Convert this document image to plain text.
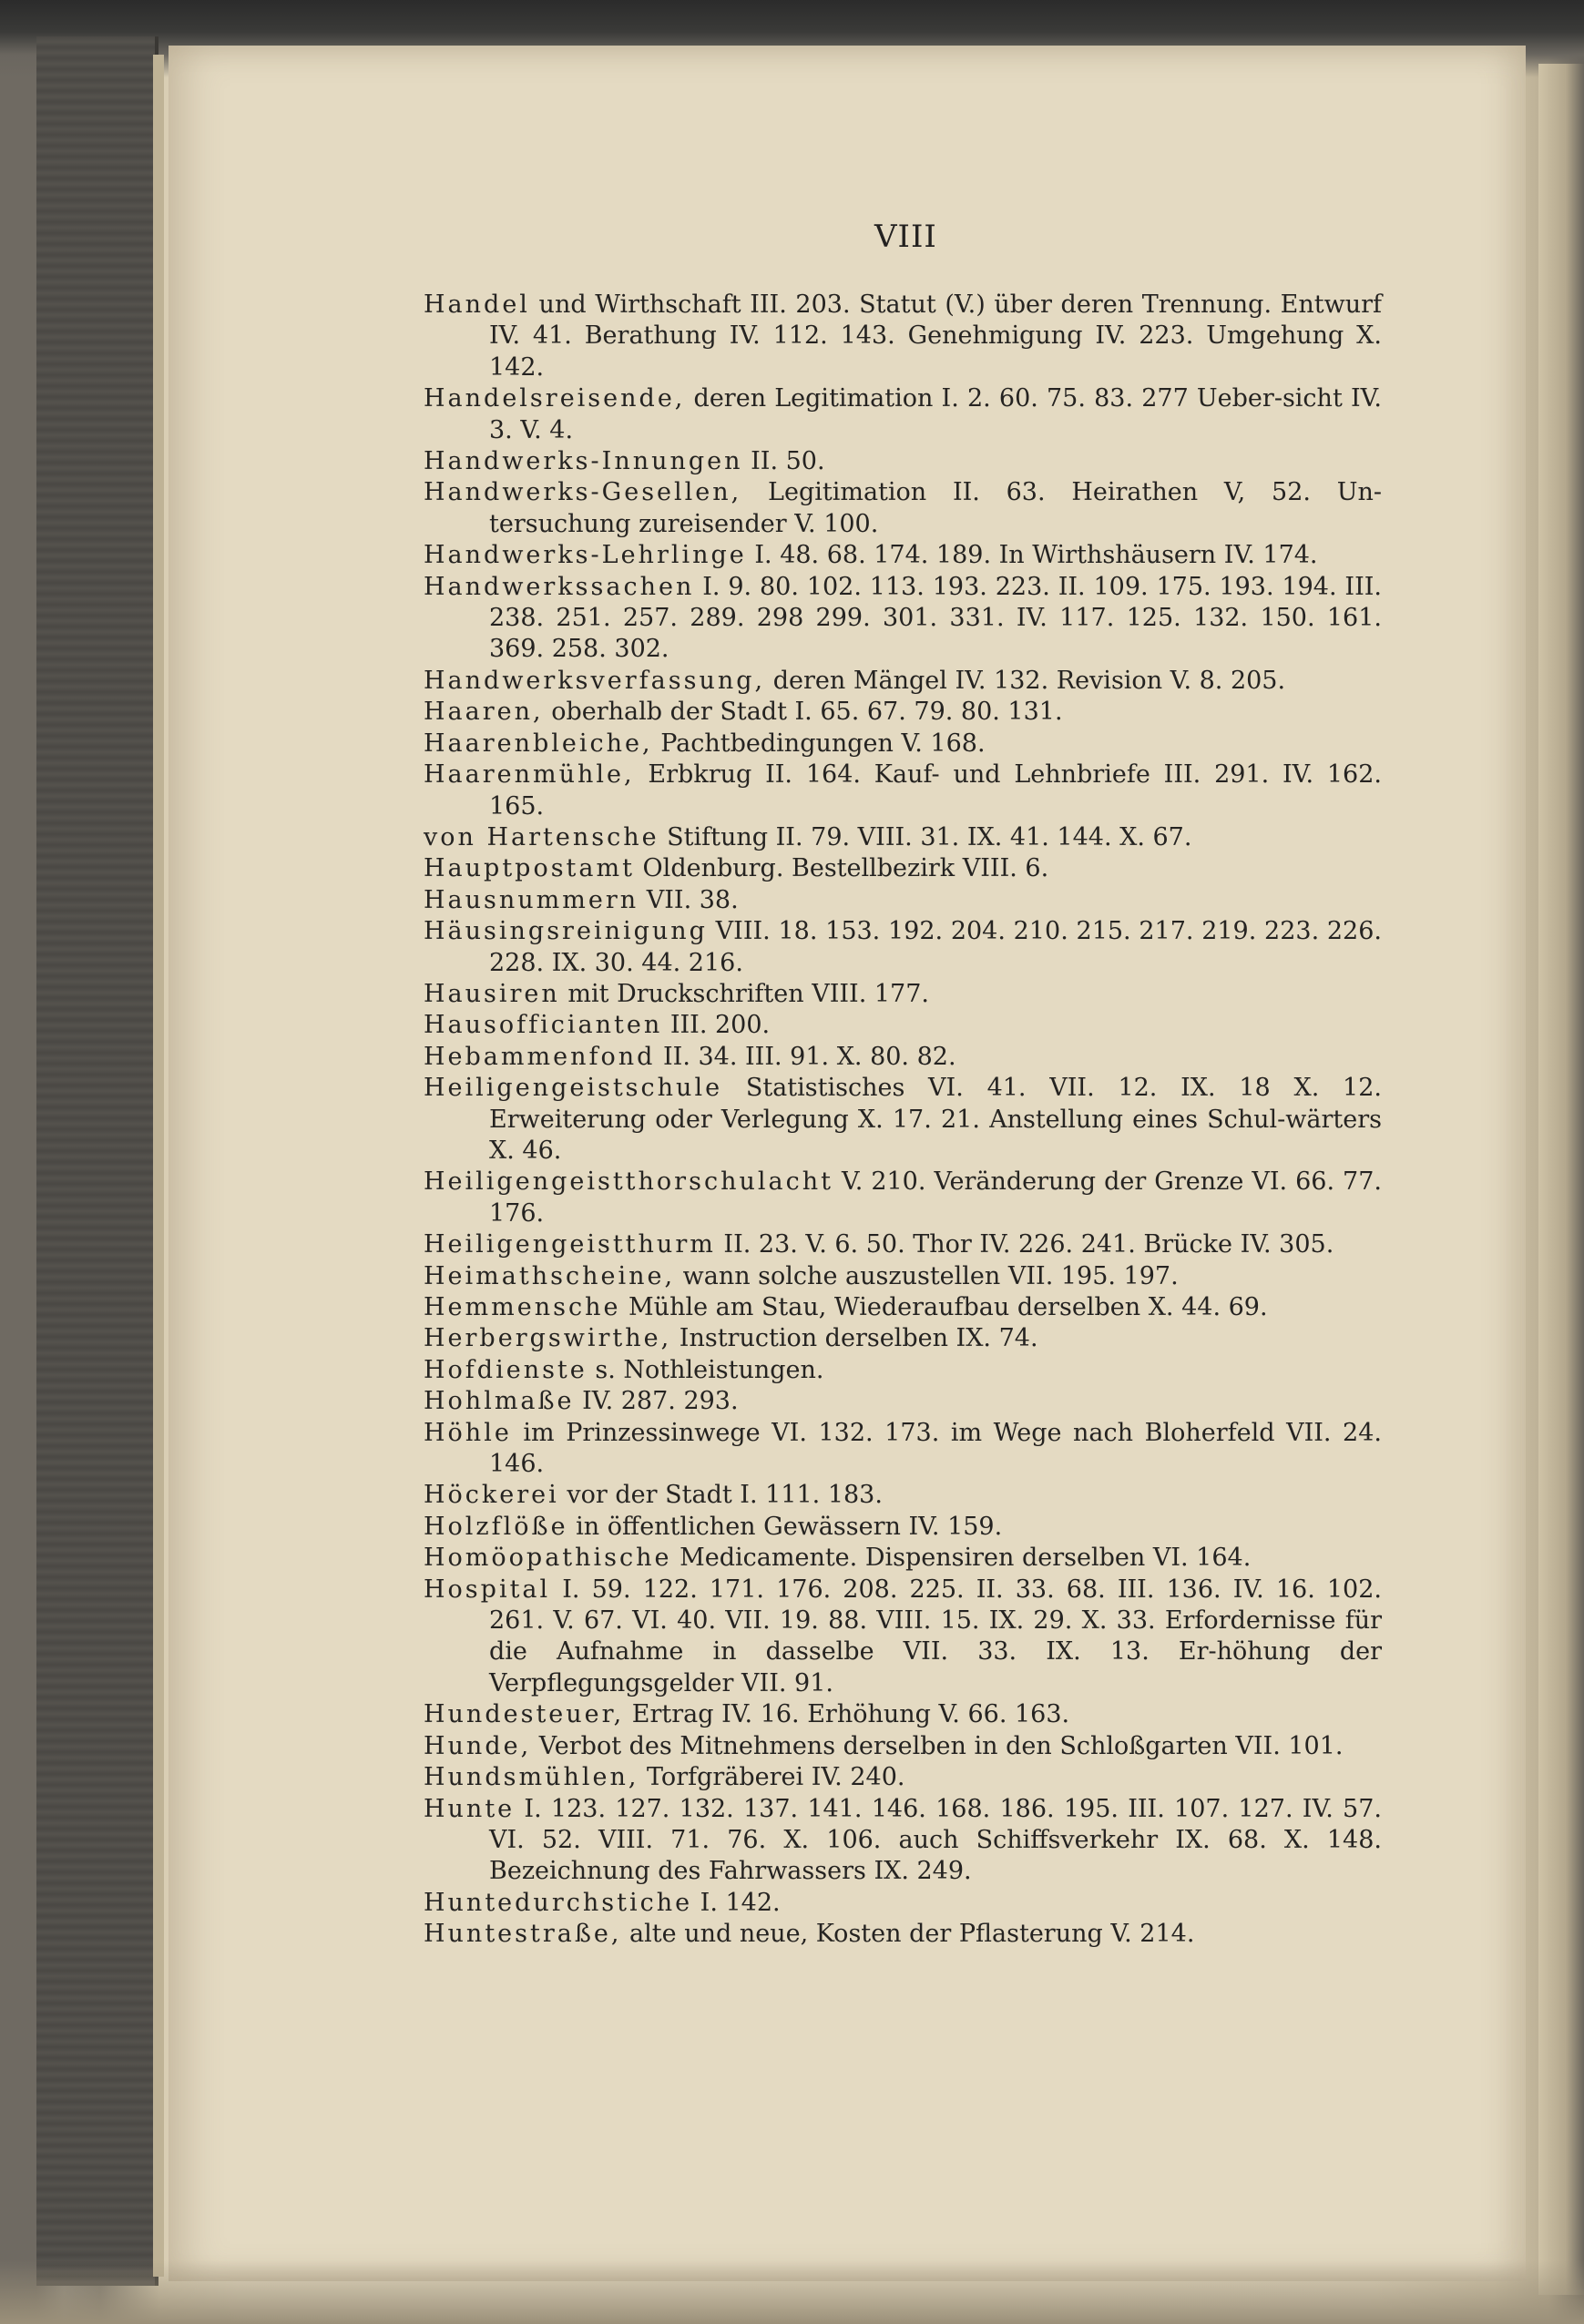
VIII
Handel und Wirthschaft III. 203. Statut (V.) über deren Trennung. Entwurf IV. 41. Berathung IV. 112. 143. Genehmigung IV. 223. Umgehung X. 142.
Handelsreisende, deren Legitimation I. 2. 60. 75. 83. 277 Ueber-sicht IV. 3. V. 4.
Handwerks-Innungen II. 50.
Handwerks-Gesellen, Legitimation II. 63. Heirathen V, 52. Un-tersuchung zureisender V. 100.
Handwerks-Lehrlinge I. 48. 68. 174. 189. In Wirthshäusern IV. 174.
Handwerkssachen I. 9. 80. 102. 113. 193. 223. II. 109. 175. 193. 194. III. 238. 251. 257. 289. 298 299. 301. 331. IV. 117. 125. 132. 150. 161. 369. 258. 302.
Handwerksverfassung, deren Mängel IV. 132. Revision V. 8. 205.
Haaren, oberhalb der Stadt I. 65. 67. 79. 80. 131.
Haarenbleiche, Pachtbedingungen V. 168.
Haarenmühle, Erbkrug II. 164. Kauf- und Lehnbriefe III. 291. IV. 162. 165.
von Hartensche Stiftung II. 79. VIII. 31. IX. 41. 144. X. 67.
Hauptpostamt Oldenburg. Bestellbezirk VIII. 6.
Hausnummern VII. 38.
Häusingsreinigung VIII. 18. 153. 192. 204. 210. 215. 217. 219. 223. 226. 228. IX. 30. 44. 216.
Hausiren mit Druckschriften VIII. 177.
Hausofficianten III. 200.
Hebammenfond II. 34. III. 91. X. 80. 82.
Heiligengeistschule Statistisches VI. 41. VII. 12. IX. 18 X. 12. Erweiterung oder Verlegung X. 17. 21. Anstellung eines Schul-wärters X. 46.
Heiligengeistthorschulacht V. 210. Veränderung der Grenze VI. 66. 77. 176.
Heiligengeistthurm II. 23. V. 6. 50. Thor IV. 226. 241. Brücke IV. 305.
Heimathscheine, wann solche auszustellen VII. 195. 197.
Hemmensche Mühle am Stau, Wiederaufbau derselben X. 44. 69.
Herbergswirthe, Instruction derselben IX. 74.
Hofdienste s. Nothleistungen.
Hohlmaße IV. 287. 293.
Höhle im Prinzessinwege VI. 132. 173. im Wege nach Bloherfeld VII. 24. 146.
Höckerei vor der Stadt I. 111. 183.
Holzflöße in öffentlichen Gewässern IV. 159.
Homöopathische Medicamente. Dispensiren derselben VI. 164.
Hospital I. 59. 122. 171. 176. 208. 225. II. 33. 68. III. 136. IV. 16. 102. 261. V. 67. VI. 40. VII. 19. 88. VIII. 15. IX. 29. X. 33. Erfordernisse für die Aufnahme in dasselbe VII. 33. IX. 13. Er-höhung der Verpflegungsgelder VII. 91.
Hundesteuer, Ertrag IV. 16. Erhöhung V. 66. 163.
Hunde, Verbot des Mitnehmens derselben in den Schloßgarten VII. 101.
Hundsmühlen, Torfgräberei IV. 240.
Hunte I. 123. 127. 132. 137. 141. 146. 168. 186. 195. III. 107. 127. IV. 57. VI. 52. VIII. 71. 76. X. 106. auch Schiffsverkehr IX. 68. X. 148. Bezeichnung des Fahrwassers IX. 249.
Huntedurchstiche I. 142.
Huntestraße, alte und neue, Kosten der Pflasterung V. 214.
